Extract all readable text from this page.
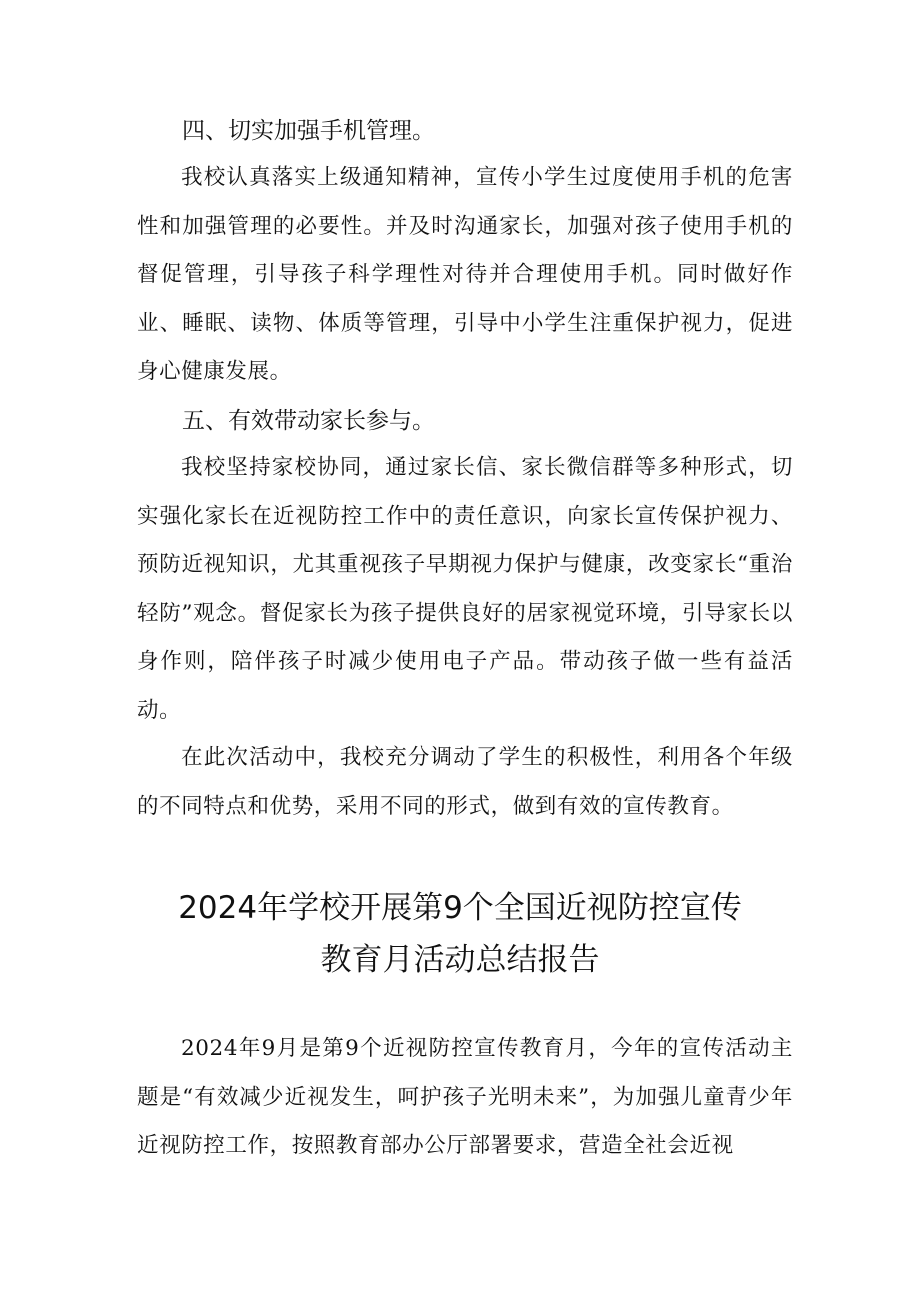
四、切实加强手机管理。

我校认真落实上级通知精神，宣传小学生过度使用手机的危害性和加强管理的必要性。并及时沟通家长，加强对孩子使用手机的督促管理，引导孩子科学理性对待并合理使用手机。同时做好作业、睡眠、读物、体质等管理，引导中小学生注重保护视力，促进身心健康发展。

五、有效带动家长参与。

我校坚持家校协同，通过家长信、家长微信群等多种形式，切实强化家长在近视防控工作中的责任意识，向家长宣传保护视力、预防近视知识，尤其重视孩子早期视力保护与健康，改变家长“重治轻防”观念。督促家长为孩子提供良好的居家视觉环境，引导家长以身作则，陪伴孩子时减少使用电子产品。带动孩子做一些有益活动。

在此次活动中，我校充分调动了学生的积极性，利用各个年级的不同特点和优势，采用不同的形式，做到有效的宣传教育。

2024年学校开展第9个全国近视防控宣传
教育月活动总结报告

2024年9月是第9个近视防控宣传教育月，今年的宣传活动主题是“有效减少近视发生，呵护孩子光明未来”，为加强儿童青少年近视防控工作，按照教育部办公厅部署要求，营造全社会近视
